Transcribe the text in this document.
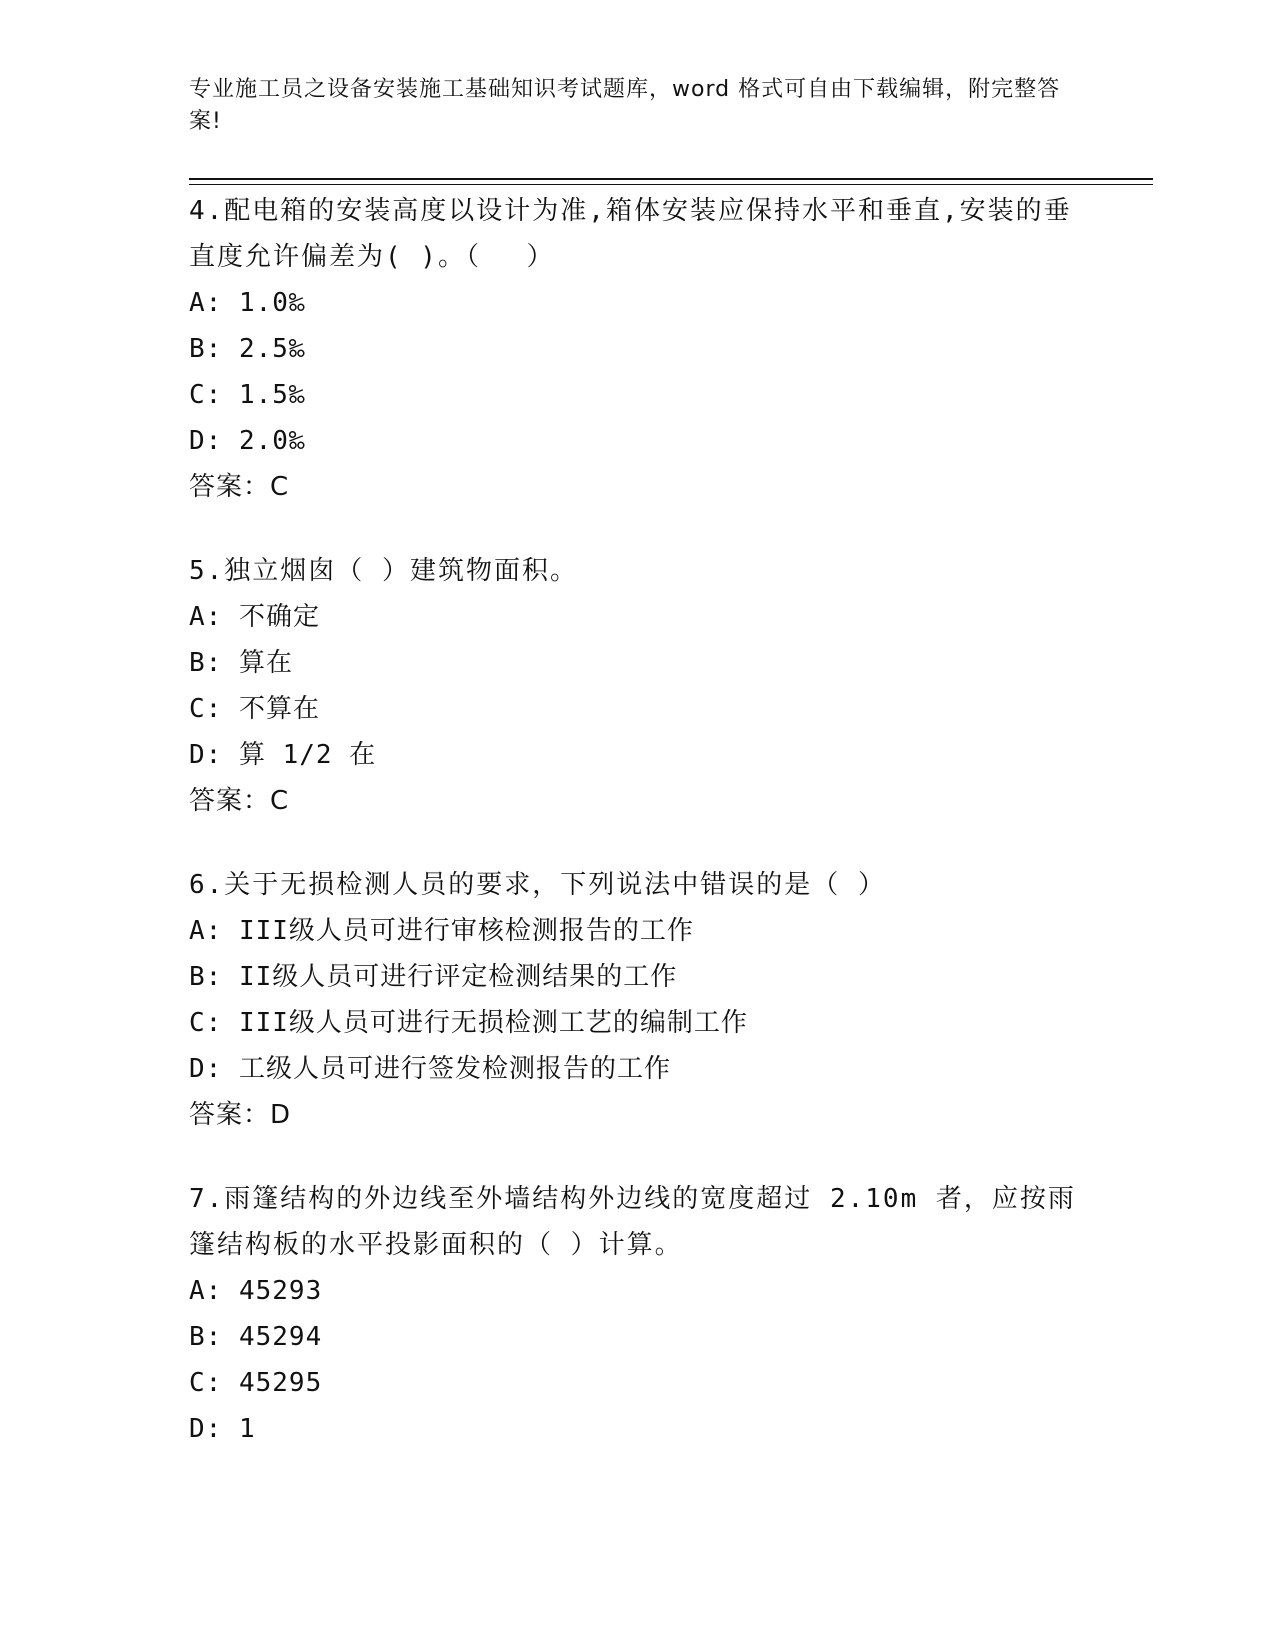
专业施工员之设备安装施工基础知识考试题库，word 格式可自由下载编辑，附完整答案!
4.配电箱的安装高度以设计为准,箱体安装应保持水平和垂直,安装的垂直度允许偏差为( )。（　 ）
A: 1.0‰
B: 2.5‰
C: 1.5‰
D: 2.0‰
答案：C
5.独立烟囱（ ）建筑物面积。
A: 不确定
B: 算在
C: 不算在
D: 算 1/2 在
答案：C
6.关于无损检测人员的要求，下列说法中错误的是（ ）
A: III级人员可进行审核检测报告的工作
B: II级人员可进行评定检测结果的工作
C: III级人员可进行无损检测工艺的编制工作
D: 工级人员可进行签发检测报告的工作
答案：D
7.雨篷结构的外边线至外墙结构外边线的宽度超过 2.10m 者，应按雨篷结构板的水平投影面积的（ ）计算。
A: 45293
B: 45294
C: 45295
D: 1
